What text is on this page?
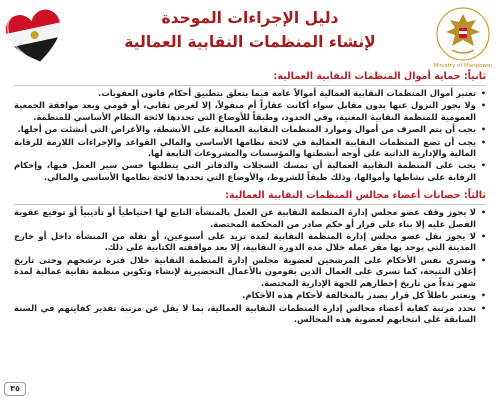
دليل الإجراءات الموحدة
لإنشاء المنظمات النقابية العمالية
Ministry of Manpower
ثانياً: حماية أموال المنظمات النقابية العمالية:
•
تعتبر أموال المنظمات النقابية العمالية أموالاً عامة فيما يتعلق بتطبيق أحكام قانون العقوبات.
•
ولا يجوز النزول عنها بدون مقابل سواء أكانت عقاراً أم منقولاً، إلا لغرض نقابي، أو قومي وبعد موافقة الجمعية العمومية للمنظمة النقابية المعنية، وفي الحدود، وطبقاً للأوضاع التي تحددها لائحة النظام الأساسي للمنظمة.
•
يجب أن يتم الصرف من أموال وموارد المنظمات النقابية العمالية على الأنشطة، والأغراض التي أنشئت من أجلها.
•
يجب أن تضع المنظمات النقابية العمالية في لائحة نظامها الأساسي والمالي القواعد والإجراءات اللازمة للرقابة المالية والإدارية الذاتية على أوجه أنشطتها والمؤسسات والمشروعات التابعة لها.
•
يجب على المنظمة النقابية العمالية أن تمسك السجلات والدفاتر التي يتطلبها حسن سير العمل فيها، وإحكام الرقابة على نشاطها وأموالها، وذلك طبقاً للشروط، والأوضاع التي تحددها لائحة نظامها الأساسي والمالي.
ثالثاً: حصانات أعضاء مجالس المنظمات النقابية العمالية:
•
لا يجوز وقف عضو مجلس إدارة المنظمة النقابية عن العمل بالمنشأة التابع لها احتياطياً أو تأديبياً أو توقيع عقوبة الفصل عليه إلا بناء على قرار أو حكم صادر من المحكمة المختصة.
•
لا يجوز نقل عضو مجلس إدارة المنظمة النقابية لمدة تزيد على أسبوعين، أو نقله من المنشأة داخل أو خارج المدينة التي يوجد بها مقر عمله خلال مدة الدورة النقابية، إلا بعد موافقته الكتابية على ذلك.
•
وتسري نفس الأحكام على المرشحين لعضوية مجلس إدارة المنظمة النقابية خلال فترة ترشحهم وحتى تاريخ إعلان النتيجة، كما تسري على العمال الذين يقومون بالأعمال التحضيرية لإنشاء وتكوين منظمة نقابية عمالية لمدة شهر بدءاً من تاريخ إخطارهم للجهة الإدارية المختصة.
•
ويعتبر باطلاً كل قرار يصدر بالمخالفة لأحكام هذه الأحكام.
•
تحدد مرتبة كفاية أعضاء مجالس إدارة المنظمات النقابية العمالية، بما لا يقل عن مرتبة تقدير كفايتهم في السنة السابقة على انتخابهم لعضوية هذه المجالس.
٣٥
